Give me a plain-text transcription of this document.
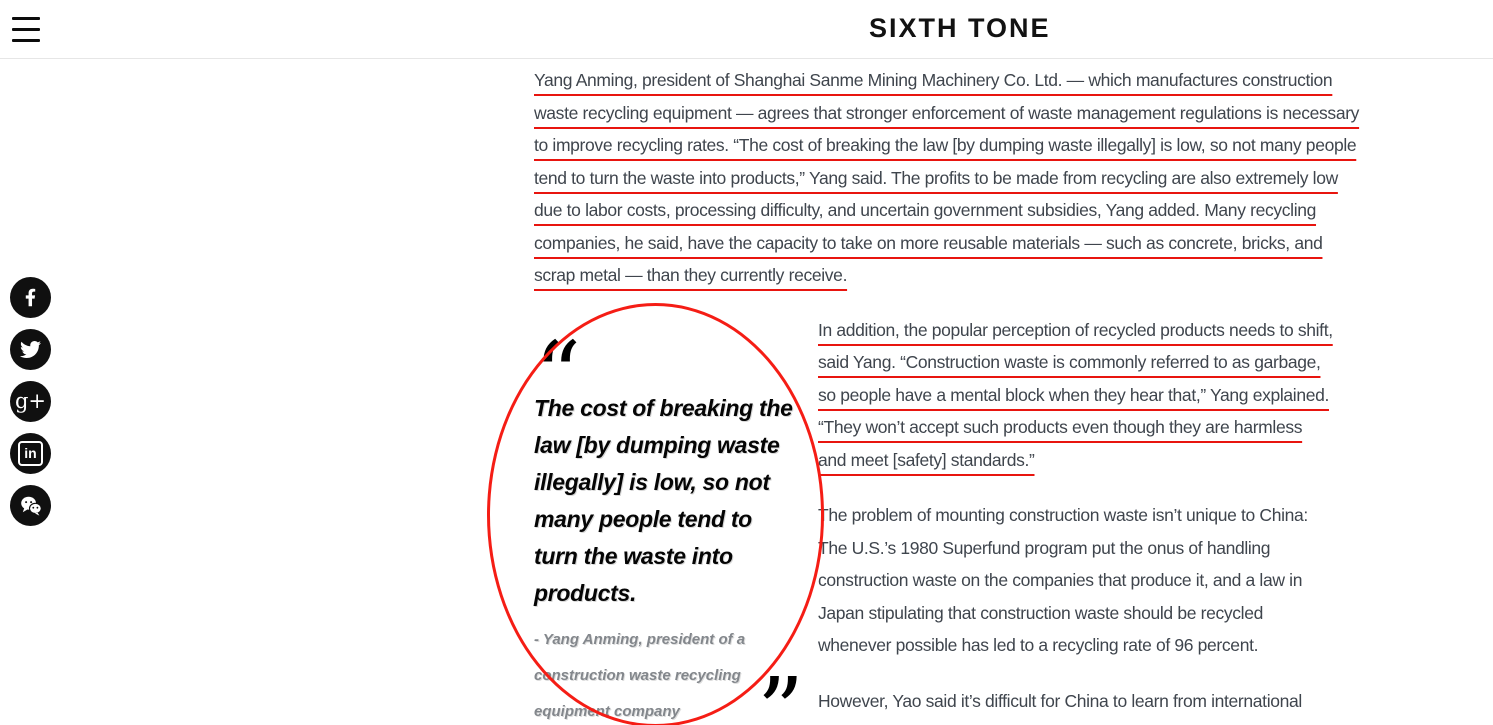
SIXTH TONE
g+
in

Yang Anming, president of Shanghai Sanme Mining Machinery Co. Ltd. — which manufactures construction waste recycling equipment — agrees that stronger enforcement of waste management regulations is necessary to improve recycling rates. “The cost of breaking the law [by dumping waste illegally] is low, so not many people tend to turn the waste into products,” Yang said. The profits to be made from recycling are also extremely low due to labor costs, processing difficulty, and uncertain government subsidies, Yang added. Many recycling companies, he said, have the capacity to take on more reusable materials — such as concrete, bricks, and scrap metal — than they currently receive.

“
The cost of breaking the law [by dumping waste illegally] is low, so not many people tend to turn the waste into products.
- Yang Anming, president of a construction waste recycling equipment company ”

In addition, the popular perception of recycled products needs to shift, said Yang. “Construction waste is commonly referred to as garbage, so people have a mental block when they hear that,” Yang explained. “They won’t accept such products even though they are harmless and meet [safety] standards.”

The problem of mounting construction waste isn’t unique to China: The U.S.’s 1980 Superfund program put the onus of handling construction waste on the companies that produce it, and a law in Japan stipulating that construction waste should be recycled whenever possible has led to a recycling rate of 96 percent.

However, Yao said it’s difficult for China to learn from international
